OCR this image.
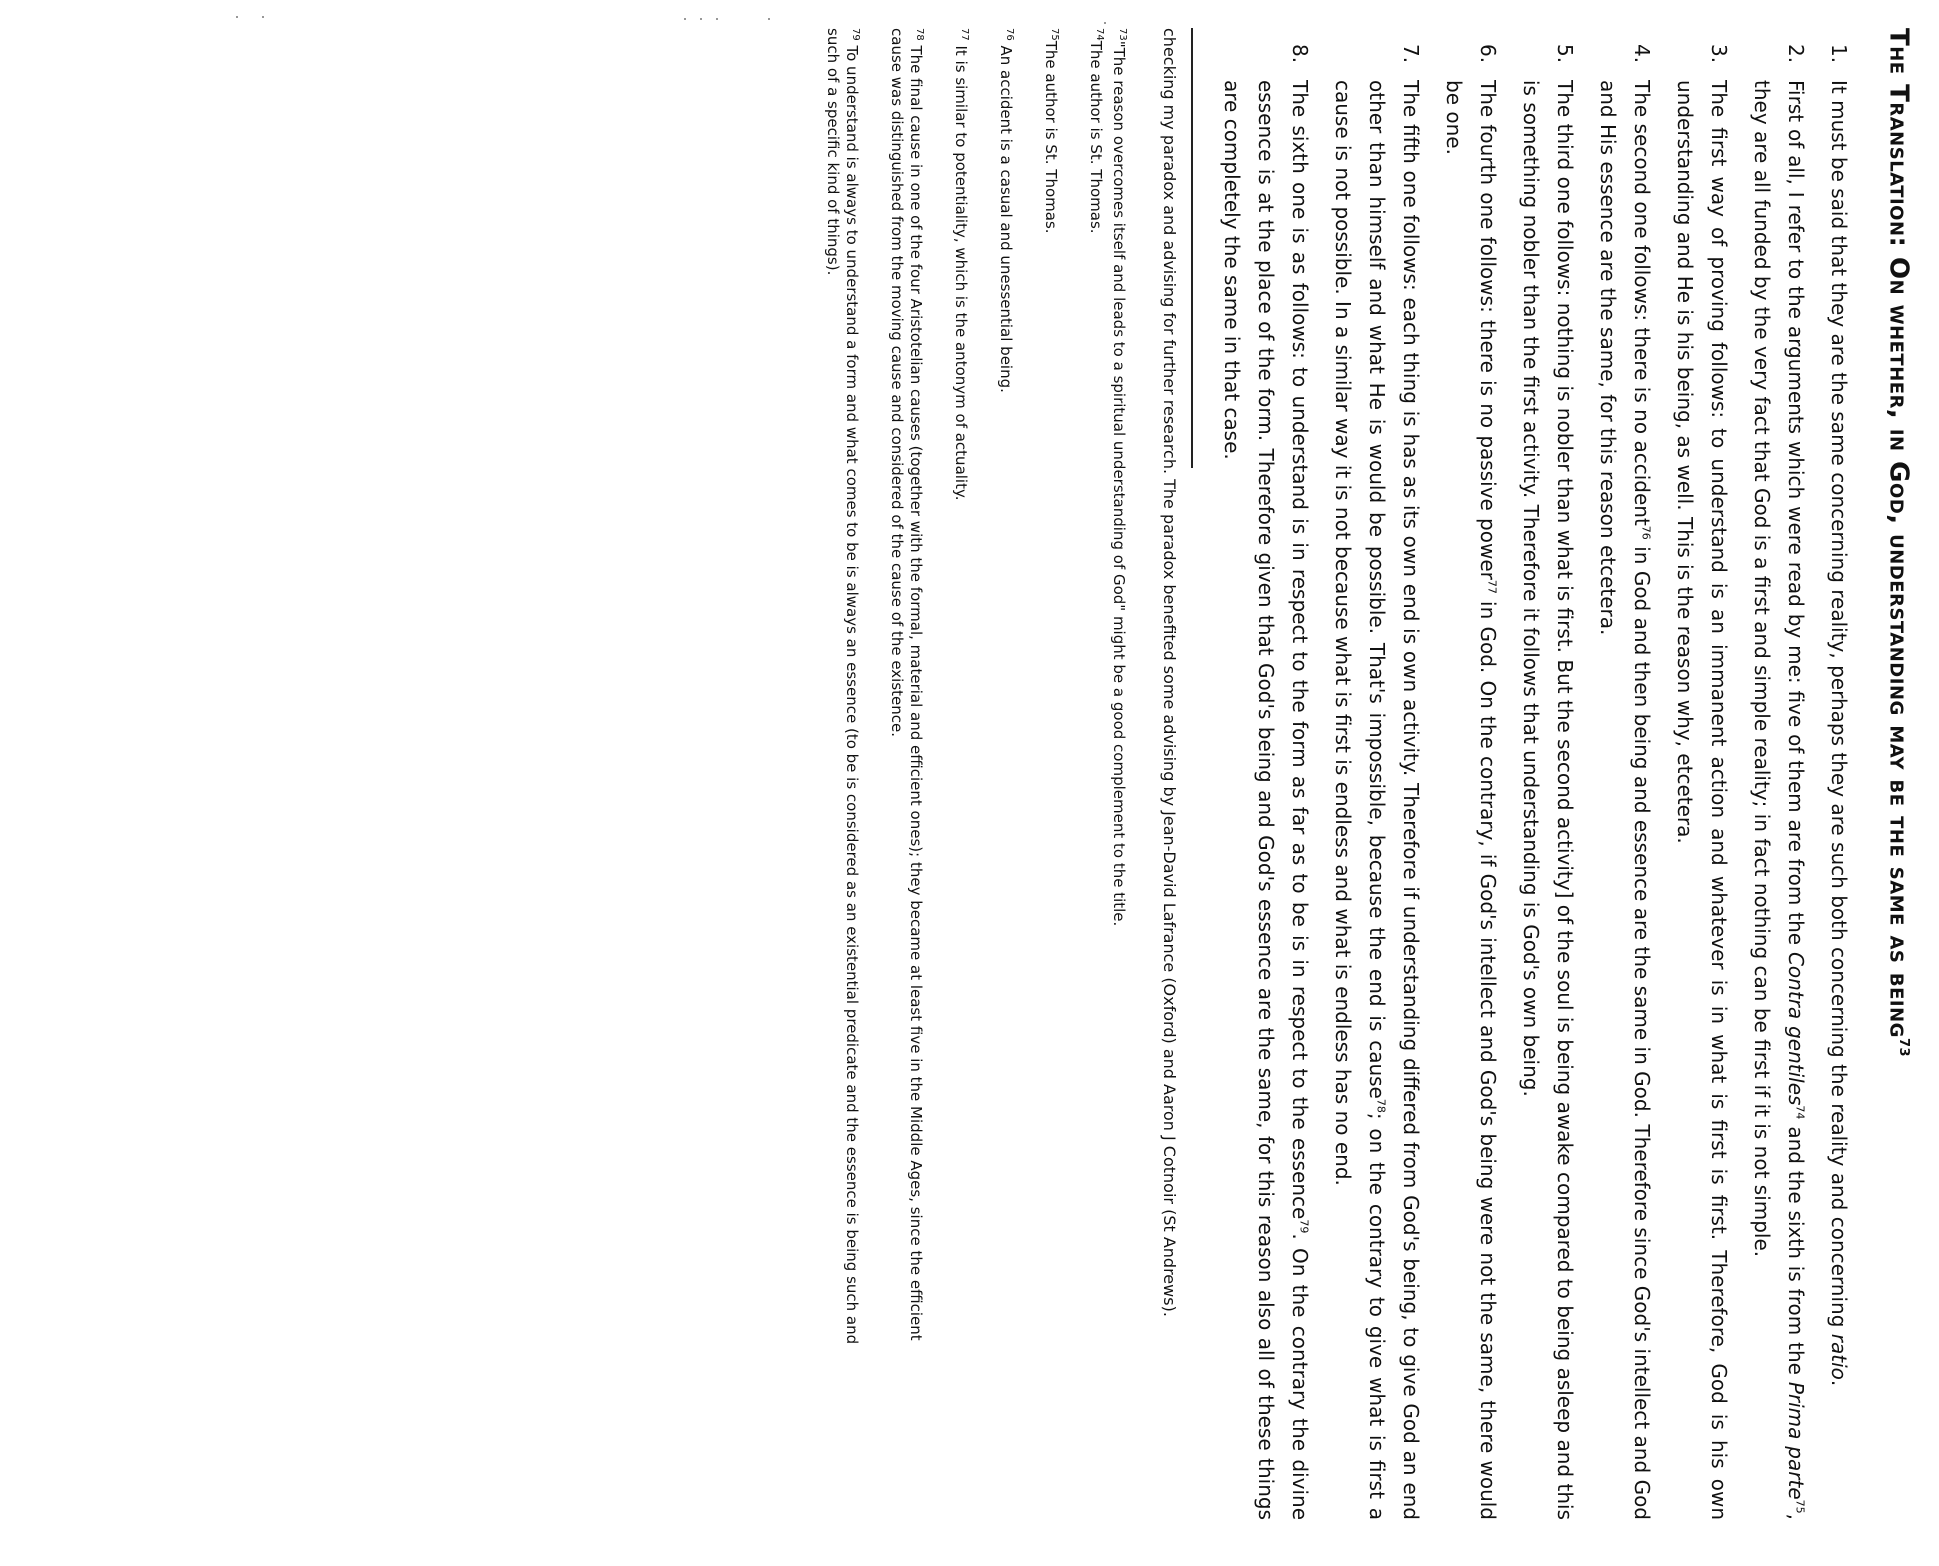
The Translation: On whether, in God, understanding may be the same as being$^{73}$
1.
It must be said that they are the same concerning reality, perhaps they are such both concerning the reality and concerning ratio.
2.
First of all, I refer to the arguments which were read by me: five of them are from the Contra gentiles$^{74}$ and the sixth is from the Prima parte$^{75}$, they are all funded by the very fact that God is a first and simple reality; in fact nothing can be first if it is not simple.
3.
The first way of proving follows: to understand is an immanent action and whatever is in what is first is first. Therefore, God is his own understanding and He is his being, as well. This is the reason why, etcetera.
4.
The second one follows: there is no accident$^{76}$ in God and then being and essence are the same in God. Therefore since God's intellect and God and His essence are the same, for this reason etcetera.
5.
The third one follows: nothing is nobler than what is first. But the second activity] of the soul is being awake compared to being asleep and this is something nobler than the first activity. Therefore it follows that understanding is God's own being.
6.
The fourth one follows: there is no passive power$^{77}$ in God. On the contrary, if God's intellect and God's being were not the same, there would be one.
7.
The fifth one follows: each thing is has as its own end is own activity. Therefore if understanding differed from God's being, to give God an end other than himself and what He is would be possible. That's impossible, because the end is cause$^{78}$; on the contrary to give what is first a cause is not possible. In a similar way it is not because what is first is endless and what is endless has no end.
8.
The sixth one is as follows: to understand is in respect to the form as far as to be is in respect to the essence$^{79}$. On the contrary the divine essence is at the place of the form. Therefore given that God's being and God's essence are the same, for this reason also all of these things are completely the same in that case.

checking my paradox and advising for further research. The paradox benefited some advising by Jean-David Lafrance (Oxford) and Aaron J Cotnoir (St Andrews).

$^{73}$"The reason overcomes itself and leads to a spiritual understanding of God" might be a good complement to the title.
$^{74}$The author is St. Thomas.
$^{75}$The author is St. Thomas.
$^{76}$ An accident is a casual and unessential being.
$^{77}$ It is similar to potentiality, which is the antonym of actuality.
$^{78}$ The final cause in one of the four Aristotelian causes (together with the formal, material and efficient ones); they became at least five in the Middle Ages, since the efficient cause was distinguished from the moving cause and considered of the cause of the existence.
$^{79}$ To understand is always to understand a form and what comes to be is always an essence (to be is considered as an existential predicate and the essence is being such and such of a specific kind of things).
